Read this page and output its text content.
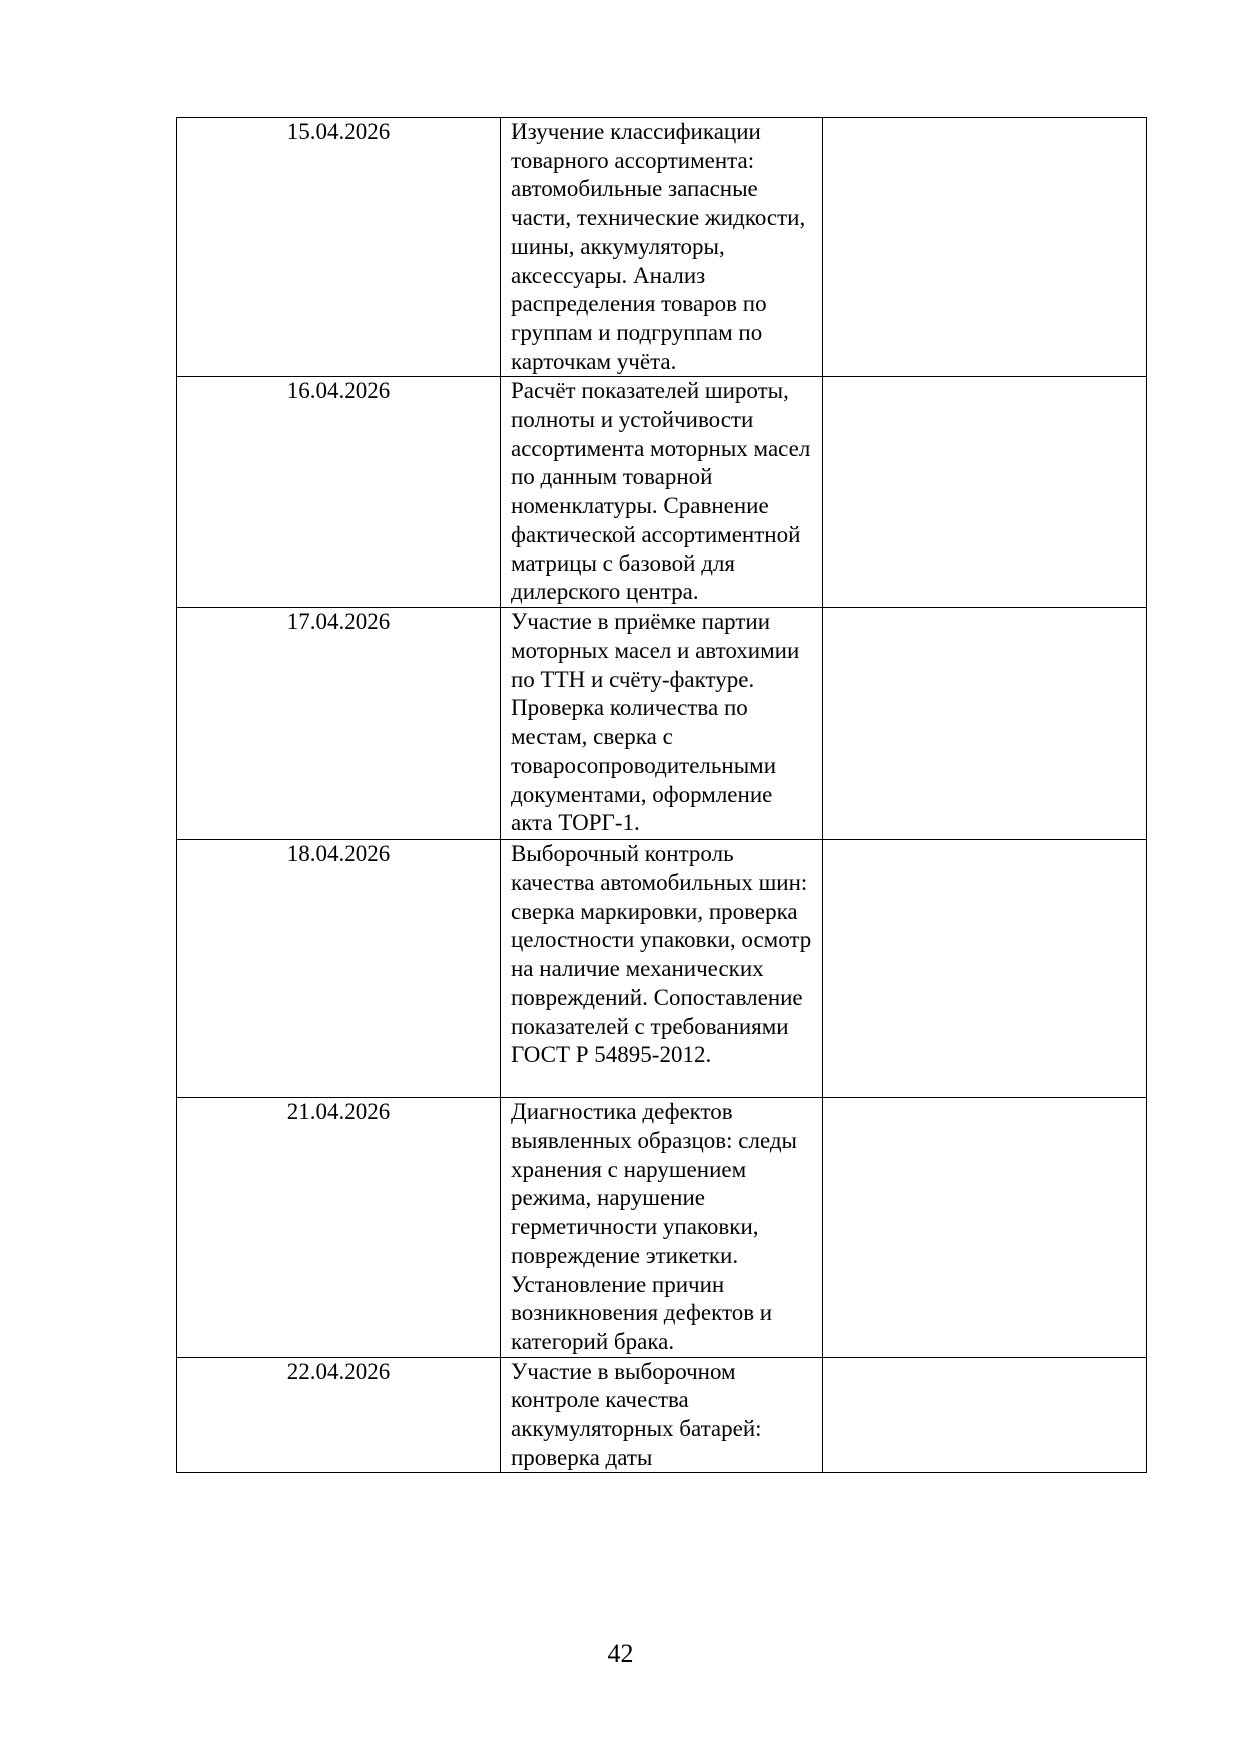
15.04.2026	Изучение классификации товарного ассортимента: автомобильные запасные части, технические жидкости, шины, аккумуляторы, аксессуары. Анализ распределения товаров по группам и подгруппам по карточкам учёта.	

16.04.2026	Расчёт показателей широты, полноты и устойчивости ассортимента моторных масел по данным товарной номенклатуры. Сравнение фактической ассортиментной матрицы с базовой для дилерского центра.	

17.04.2026	Участие в приёмке партии моторных масел и автохимии по ТТН и счёту-фактуре. Проверка количества по местам, сверка с товаросопроводительными документами, оформление акта ТОРГ-1.	

18.04.2026	Выборочный контроль качества автомобильных шин: сверка маркировки, проверка целостности упаковки, осмотр на наличие механических повреждений. Сопоставление показателей с требованиями ГОСТ Р 54895-2012.	

21.04.2026	Диагностика дефектов выявленных образцов: следы хранения с нарушением режима, нарушение герметичности упаковки, повреждение этикетки. Установление причин возникновения дефектов и категорий брака.	

22.04.2026	Участие в выборочном контроле качества аккумуляторных батарей: проверка даты	

42
